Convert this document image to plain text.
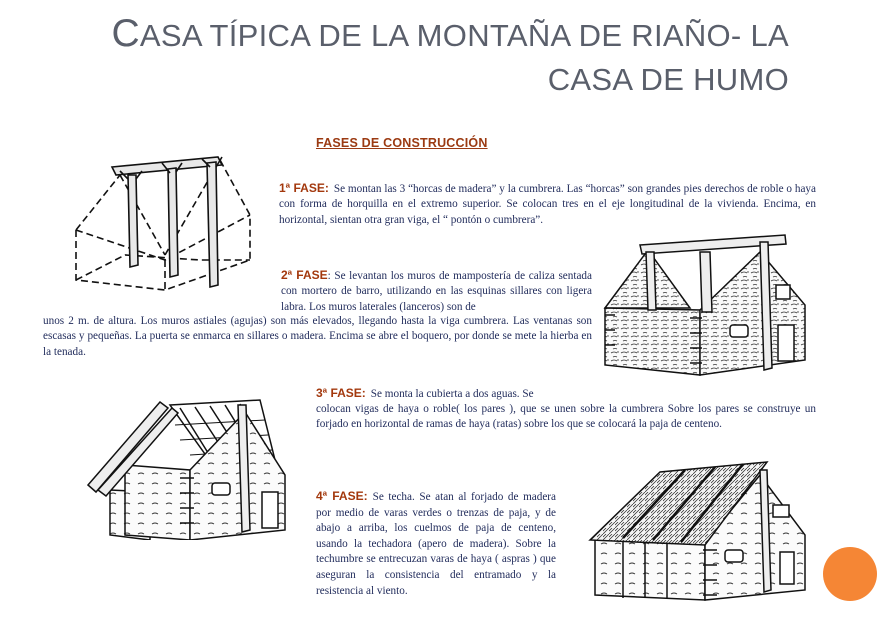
CASA TÍPICA DE LA MONTAÑA DE RIAÑO- LA
CASA DE HUMO
FASES DE CONSTRUCCIÓN
1ª FASE: Se montan las 3 “horcas de madera” y la cumbrera. Las “horcas” son grandes pies derechos de roble o haya con forma de horquilla en el extremo superior. Se colocan tres en el eje longitudinal de la vivienda. Encima, en horizontal, sientan otra gran viga, el “ pontón o cumbrera”.
2ª FASE: Se levantan los muros de mampostería de caliza sentada con mortero de barro, utilizando en las esquinas sillares con ligera labra. Los muros laterales (lanceros) son de
unos 2 m. de altura. Los muros astiales (agujas) son más elevados, llegando hasta la viga cumbrera. Las ventanas son escasas y pequeñas. La puerta se enmarca en sillares o madera. Encima se abre el boquero, por donde se mete la hierba en la tenada.
3ª FASE: Se monta la cubierta a dos aguas. Se
colocan vigas de haya o roble( los pares ), que se unen sobre la cumbrera Sobre los pares se construye un forjado en horizontal de ramas de haya (ratas) sobre los que se colocará la paja de centeno.
4ª FASE: Se techa. Se atan al forjado de madera por medio de varas verdes o trenzas de paja, y de abajo a arriba, los cuelmos de paja de centeno, usando la techadora (apero de madera). Sobre la techumbre se entrecuzan varas de haya ( aspras ) que aseguran la consistencia del entramado y la resistencia al viento.
